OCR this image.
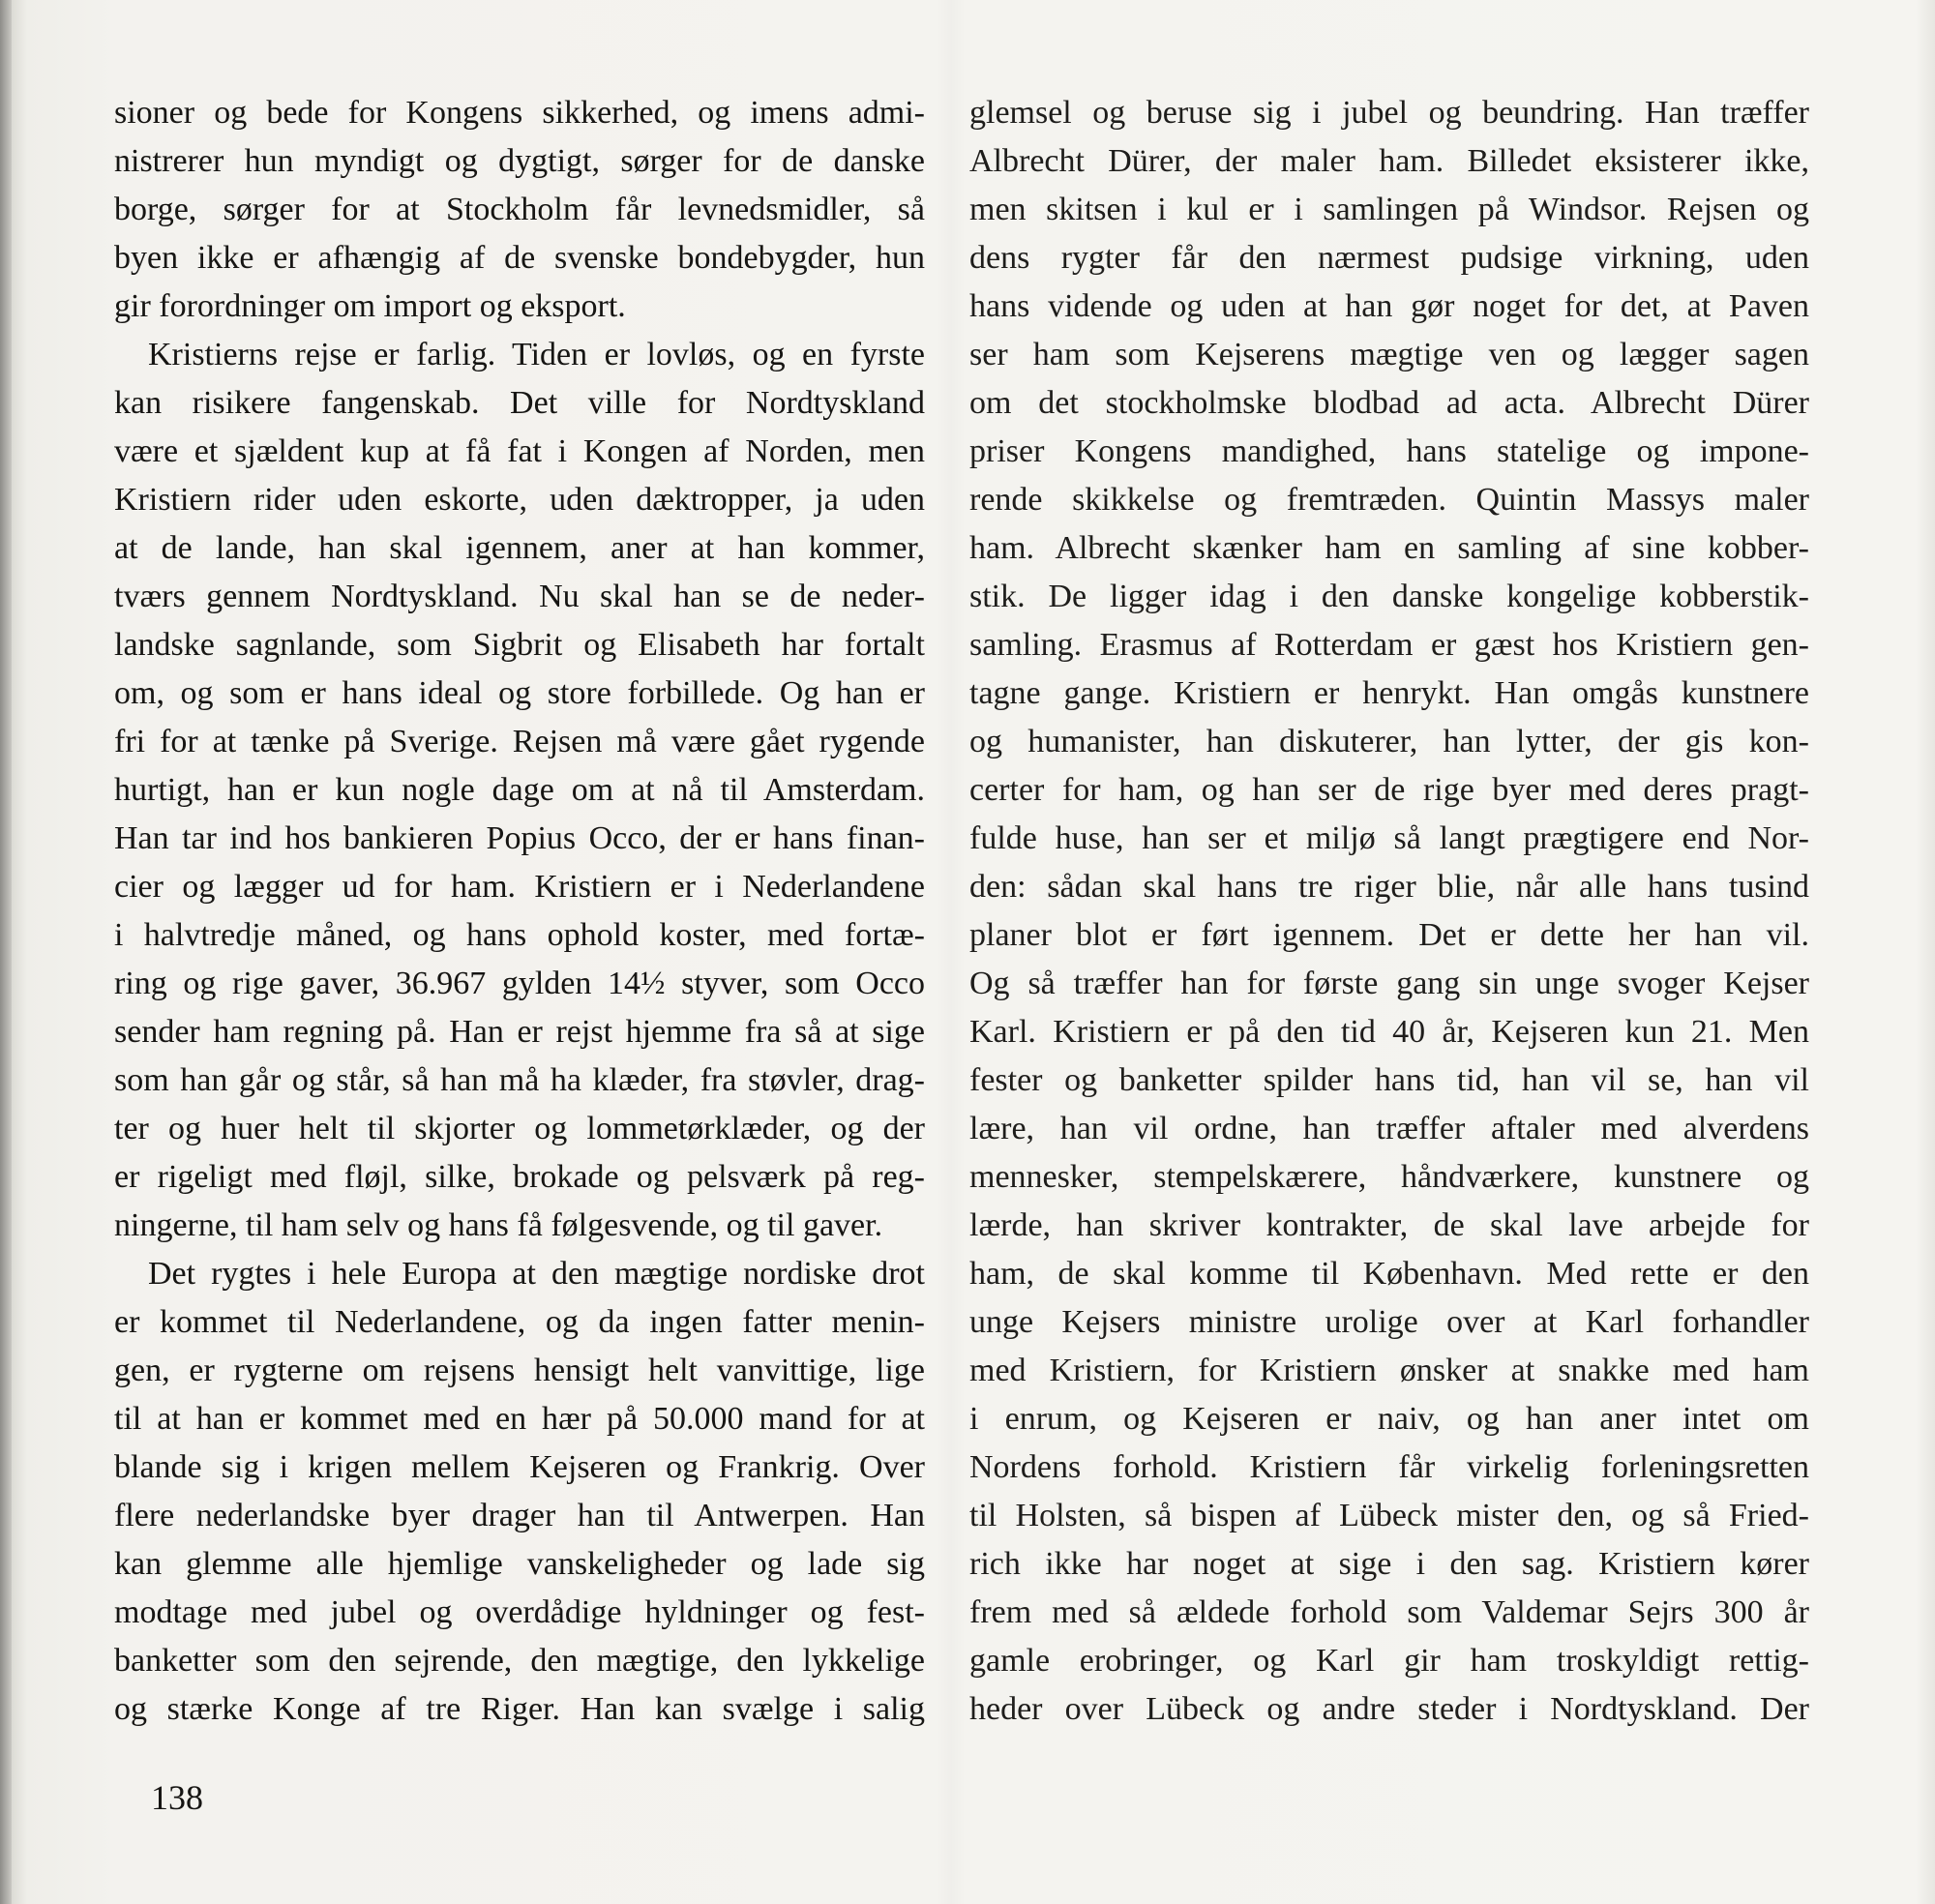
sioner og bede for Kongens sikkerhed, og imens admi-
nistrerer hun myndigt og dygtigt, sørger for de danske
borge, sørger for at Stockholm får levnedsmidler, så
byen ikke er afhængig af de svenske bondebygder, hun
gir forordninger om import og eksport.
Kristierns rejse er farlig. Tiden er lovløs, og en fyrste
kan risikere fangenskab. Det ville for Nordtyskland
være et sjældent kup at få fat i Kongen af Norden, men
Kristiern rider uden eskorte, uden dæktropper, ja uden
at de lande, han skal igennem, aner at han kommer,
tværs gennem Nordtyskland. Nu skal han se de neder-
landske sagnlande, som Sigbrit og Elisabeth har fortalt
om, og som er hans ideal og store forbillede. Og han er
fri for at tænke på Sverige. Rejsen må være gået rygende
hurtigt, han er kun nogle dage om at nå til Amsterdam.
Han tar ind hos bankieren Popius Occo, der er hans finan-
cier og lægger ud for ham. Kristiern er i Nederlandene
i halvtredje måned, og hans ophold koster, med fortæ-
ring og rige gaver, 36.967 gylden 14½ styver, som Occo
sender ham regning på. Han er rejst hjemme fra så at sige
som han går og står, så han må ha klæder, fra støvler, drag-
ter og huer helt til skjorter og lommetørklæder, og der
er rigeligt med fløjl, silke, brokade og pelsværk på reg-
ningerne, til ham selv og hans få følgesvende, og til gaver.
Det rygtes i hele Europa at den mægtige nordiske drot
er kommet til Nederlandene, og da ingen fatter menin-
gen, er rygterne om rejsens hensigt helt vanvittige, lige
til at han er kommet med en hær på 50.000 mand for at
blande sig i krigen mellem Kejseren og Frankrig. Over
flere nederlandske byer drager han til Antwerpen. Han
kan glemme alle hjemlige vanskeligheder og lade sig
modtage med jubel og overdådige hyldninger og fest-
banketter som den sejrende, den mægtige, den lykkelige
og stærke Konge af tre Riger. Han kan svælge i salig
glemsel og beruse sig i jubel og beundring. Han træffer
Albrecht Dürer, der maler ham. Billedet eksisterer ikke,
men skitsen i kul er i samlingen på Windsor. Rejsen og
dens rygter får den nærmest pudsige virkning, uden
hans vidende og uden at han gør noget for det, at Paven
ser ham som Kejserens mægtige ven og lægger sagen
om det stockholmske blodbad ad acta. Albrecht Dürer
priser Kongens mandighed, hans statelige og impone-
rende skikkelse og fremtræden. Quintin Massys maler
ham. Albrecht skænker ham en samling af sine kobber-
stik. De ligger idag i den danske kongelige kobberstik-
samling. Erasmus af Rotterdam er gæst hos Kristiern gen-
tagne gange. Kristiern er henrykt. Han omgås kunstnere
og humanister, han diskuterer, han lytter, der gis kon-
certer for ham, og han ser de rige byer med deres pragt-
fulde huse, han ser et miljø så langt prægtigere end Nor-
den: sådan skal hans tre riger blie, når alle hans tusind
planer blot er ført igennem. Det er dette her han vil.
Og så træffer han for første gang sin unge svoger Kejser
Karl. Kristiern er på den tid 40 år, Kejseren kun 21. Men
fester og banketter spilder hans tid, han vil se, han vil
lære, han vil ordne, han træffer aftaler med alverdens
mennesker, stempelskærere, håndværkere, kunstnere og
lærde, han skriver kontrakter, de skal lave arbejde for
ham, de skal komme til København. Med rette er den
unge Kejsers ministre urolige over at Karl forhandler
med Kristiern, for Kristiern ønsker at snakke med ham
i enrum, og Kejseren er naiv, og han aner intet om
Nordens forhold. Kristiern får virkelig forleningsretten
til Holsten, så bispen af Lübeck mister den, og så Fried-
rich ikke har noget at sige i den sag. Kristiern kører
frem med så ældede forhold som Valdemar Sejrs 300 år
gamle erobringer, og Karl gir ham troskyldigt rettig-
heder over Lübeck og andre steder i Nordtyskland. Der
138
